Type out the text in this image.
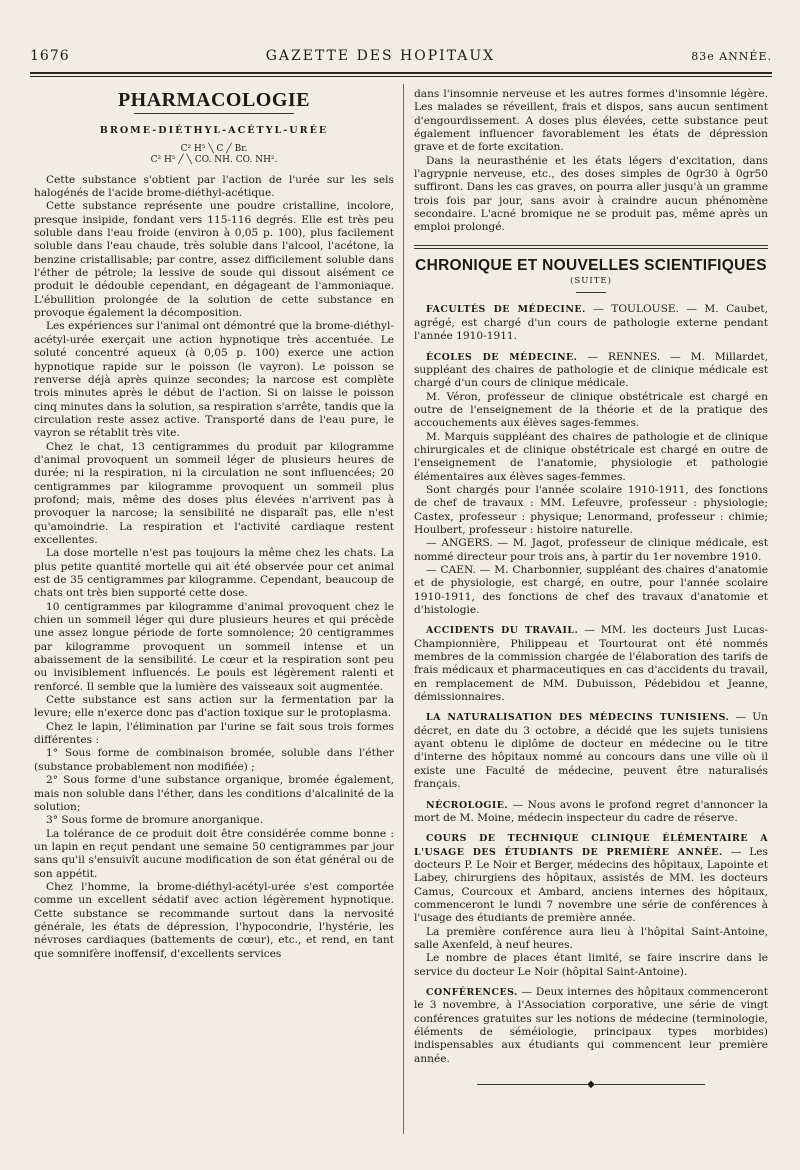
1676	GAZETTE DES HOPITAUX	83e ANNÉE.
PHARMACOLOGIE
BROME-DIÉTHYL-ACÉTYL-URÉE
C² H⁵ ╲ C ╱ Br.
C² H⁵ ╱ ╲ CO. NH. CO. NH².

Cette substance s'obtient par l'action de l'urée sur les sels halogénés de l'acide brome-diéthyl-acétique.

Cette substance représente une poudre cristalline, incolore, presque insipide, fondant vers 115-116 degrés. Elle est très peu soluble dans l'eau froide (environ à 0,05 p. 100), plus facilement soluble dans l'eau chaude, très soluble dans l'alcool, l'acétone, la benzine cristallisable; par contre, assez difficilement soluble dans l'éther de pétrole; la lessive de soude qui dissout aisément ce produit le dédouble cependant, en dégageant de l'ammoniaque. L'ébullition prolongée de la solution de cette substance en provoque également la décomposition.

Les expériences sur l'animal ont démontré que la brome-diéthyl-acétyl-urée exerçait une action hypnotique très accentuée. Le soluté concentré aqueux (à 0,05 p. 100) exerce une action hypnotique rapide sur le poisson (le vayron). Le poisson se renverse déjà après quinze secondes; la narcose est complète trois minutes après le début de l'action. Si on laisse le poisson cinq minutes dans la solution, sa respiration s'arrête, tandis que la circulation reste assez active. Transporté dans de l'eau pure, le vayron se rétablit très vite.

Chez le chat, 13 centigrammes du produit par kilogramme d'animal provoquent un sommeil léger de plusieurs heures de durée; ni la respiration, ni la circulation ne sont influencées; 20 centigrammes par kilogramme provoquent un sommeil plus profond; mais, même des doses plus élevées n'arrivent pas à provoquer la narcose; la sensibilité ne disparaît pas, elle n'est qu'amoindrie. La respiration et l'activité cardiaque restent excellentes.

La dose mortelle n'est pas toujours la même chez les chats. La plus petite quantité mortelle qui ait été observée pour cet animal est de 35 centigrammes par kilogramme. Cependant, beaucoup de chats ont très bien supporté cette dose.

10 centigrammes par kilogramme d'animal provoquent chez le chien un sommeil léger qui dure plusieurs heures et qui précède une assez longue période de forte somnolence; 20 centigrammes par kilogramme provoquent un sommeil intense et un abaissement de la sensibilité. Le cœur et la respiration sont peu ou invisiblement influencés. Le pouls est légèrement ralenti et renforcé. Il semble que la lumière des vaisseaux soit augmentée.

Cette substance est sans action sur la fermentation par la levure; elle n'exerce donc pas d'action toxique sur le protoplasma.

Chez le lapin, l'élimination par l'urine se fait sous trois formes différentes :

1° Sous forme de combinaison bromée, soluble dans l'éther (substance probablement non modifiée) ;

2° Sous forme d'une substance organique, bromée également, mais non soluble dans l'éther, dans les conditions d'alcalinité de la solution;

3° Sous forme de bromure anorganique.

La tolérance de ce produit doit être considérée comme bonne : un lapin en reçut pendant une semaine 50 centigrammes par jour sans qu'il s'ensuivît aucune modification de son état général ou de son appétit.

Chez l'homme, la brome-diéthyl-acétyl-urée s'est comportée comme un excellent sédatif avec action légèrement hypnotique. Cette substance se recommande surtout dans la nervosité générale, les états de dépression, l'hypocondrie, l'hystérie, les névroses cardiaques (battements de cœur), etc., et rend, en tant que somnifère inoffensif, d'excellents services

dans l'insomnie nerveuse et les autres formes d'insomnie légère. Les malades se réveillent, frais et dispos, sans aucun sentiment d'engourdissement. A doses plus élevées, cette substance peut également influencer favorablement les états de dépression grave et de forte excitation.

Dans la neurasthénie et les états légers d'excitation, dans l'agrypnie nerveuse, etc., des doses simples de 0gr30 à 0gr50 suffiront. Dans les cas graves, on pourra aller jusqu'à un gramme trois fois par jour, sans avoir à craindre aucun phénomène secondaire. L'acné bromique ne se produit pas, même après un emploi prolongé.

CHRONIQUE ET NOUVELLES SCIENTIFIQUES
(SUITE)

FACULTÉS DE MÉDECINE. — TOULOUSE. — M. Caubet, agrégé, est chargé d'un cours de pathologie externe pendant l'année 1910-1911.

ÉCOLES DE MÉDECINE. — RENNES. — M. Millardet, suppléant des chaires de pathologie et de clinique médicale est chargé d'un cours de clinique médicale.

M. Véron, professeur de clinique obstétricale est chargé en outre de l'enseignement de la théorie et de la pratique des accouchements aux élèves sages-femmes.

M. Marquis suppléant des chaires de pathologie et de clinique chirurgicales et de clinique obstétricale est chargé en outre de l'enseignement de l'anatomie, physiologie et pathologie élémentaires aux élèves sages-femmes.

Sont chargés pour l'année scolaire 1910-1911, des fonctions de chef de travaux : MM. Lefeuvre, professeur : physiologie; Castex, professeur : physique; Lenormand, professeur : chimie; Houlbert, professeur : histoire naturelle.

— ANGERS. — M. Jagot, professeur de clinique médicale, est nommé directeur pour trois ans, à partir du 1er novembre 1910.

— CAEN. — M. Charbonnier, suppléant des chaires d'anatomie et de physiologie, est chargé, en outre, pour l'année scolaire 1910-1911, des fonctions de chef des travaux d'anatomie et d'histologie.

ACCIDENTS DU TRAVAIL. — MM. les docteurs Just Lucas-Championnière, Philippeau et Tourtourat ont été nommés membres de la commission chargée de l'élaboration des tarifs de frais médicaux et pharmaceutiques en cas d'accidents du travail, en remplacement de MM. Dubuisson, Pédebidou et Jeanne, démissionnaires.

LA NATURALISATION DES MÉDECINS TUNISIENS. — Un décret, en date du 3 octobre, a décidé que les sujets tunisiens ayant obtenu le diplôme de docteur en médecine ou le titre d'interne des hôpitaux nommé au concours dans une ville où il existe une Faculté de médecine, peuvent être naturalisés français.

NÉCROLOGIE. — Nous avons le profond regret d'annoncer la mort de M. Moine, médecin inspecteur du cadre de réserve.

COURS DE TECHNIQUE CLINIQUE ÉLÉMENTAIRE A L'USAGE DES ÉTUDIANTS DE PREMIÈRE ANNÉE. — Les docteurs P. Le Noir et Berger, médecins des hôpitaux, Lapointe et Labey, chirurgiens des hôpitaux, assistés de MM. les docteurs Camus, Courcoux et Ambard, anciens internes des hôpitaux, commenceront le lundi 7 novembre une série de conférences à l'usage des étudiants de première année.

La première conférence aura lieu à l'hôpital Saint-Antoine, salle Axenfeld, à neuf heures.

Le nombre de places étant limité, se faire inscrire dans le service du docteur Le Noir (hôpital Saint-Antoine).

CONFÉRENCES. — Deux internes des hôpitaux commenceront le 3 novembre, à l'Association corporative, une série de vingt conférences gratuites sur les notions de médecine (terminologie, éléments de séméiologie, principaux types morbides) indispensables aux étudiants qui commencent leur première année.

◆
